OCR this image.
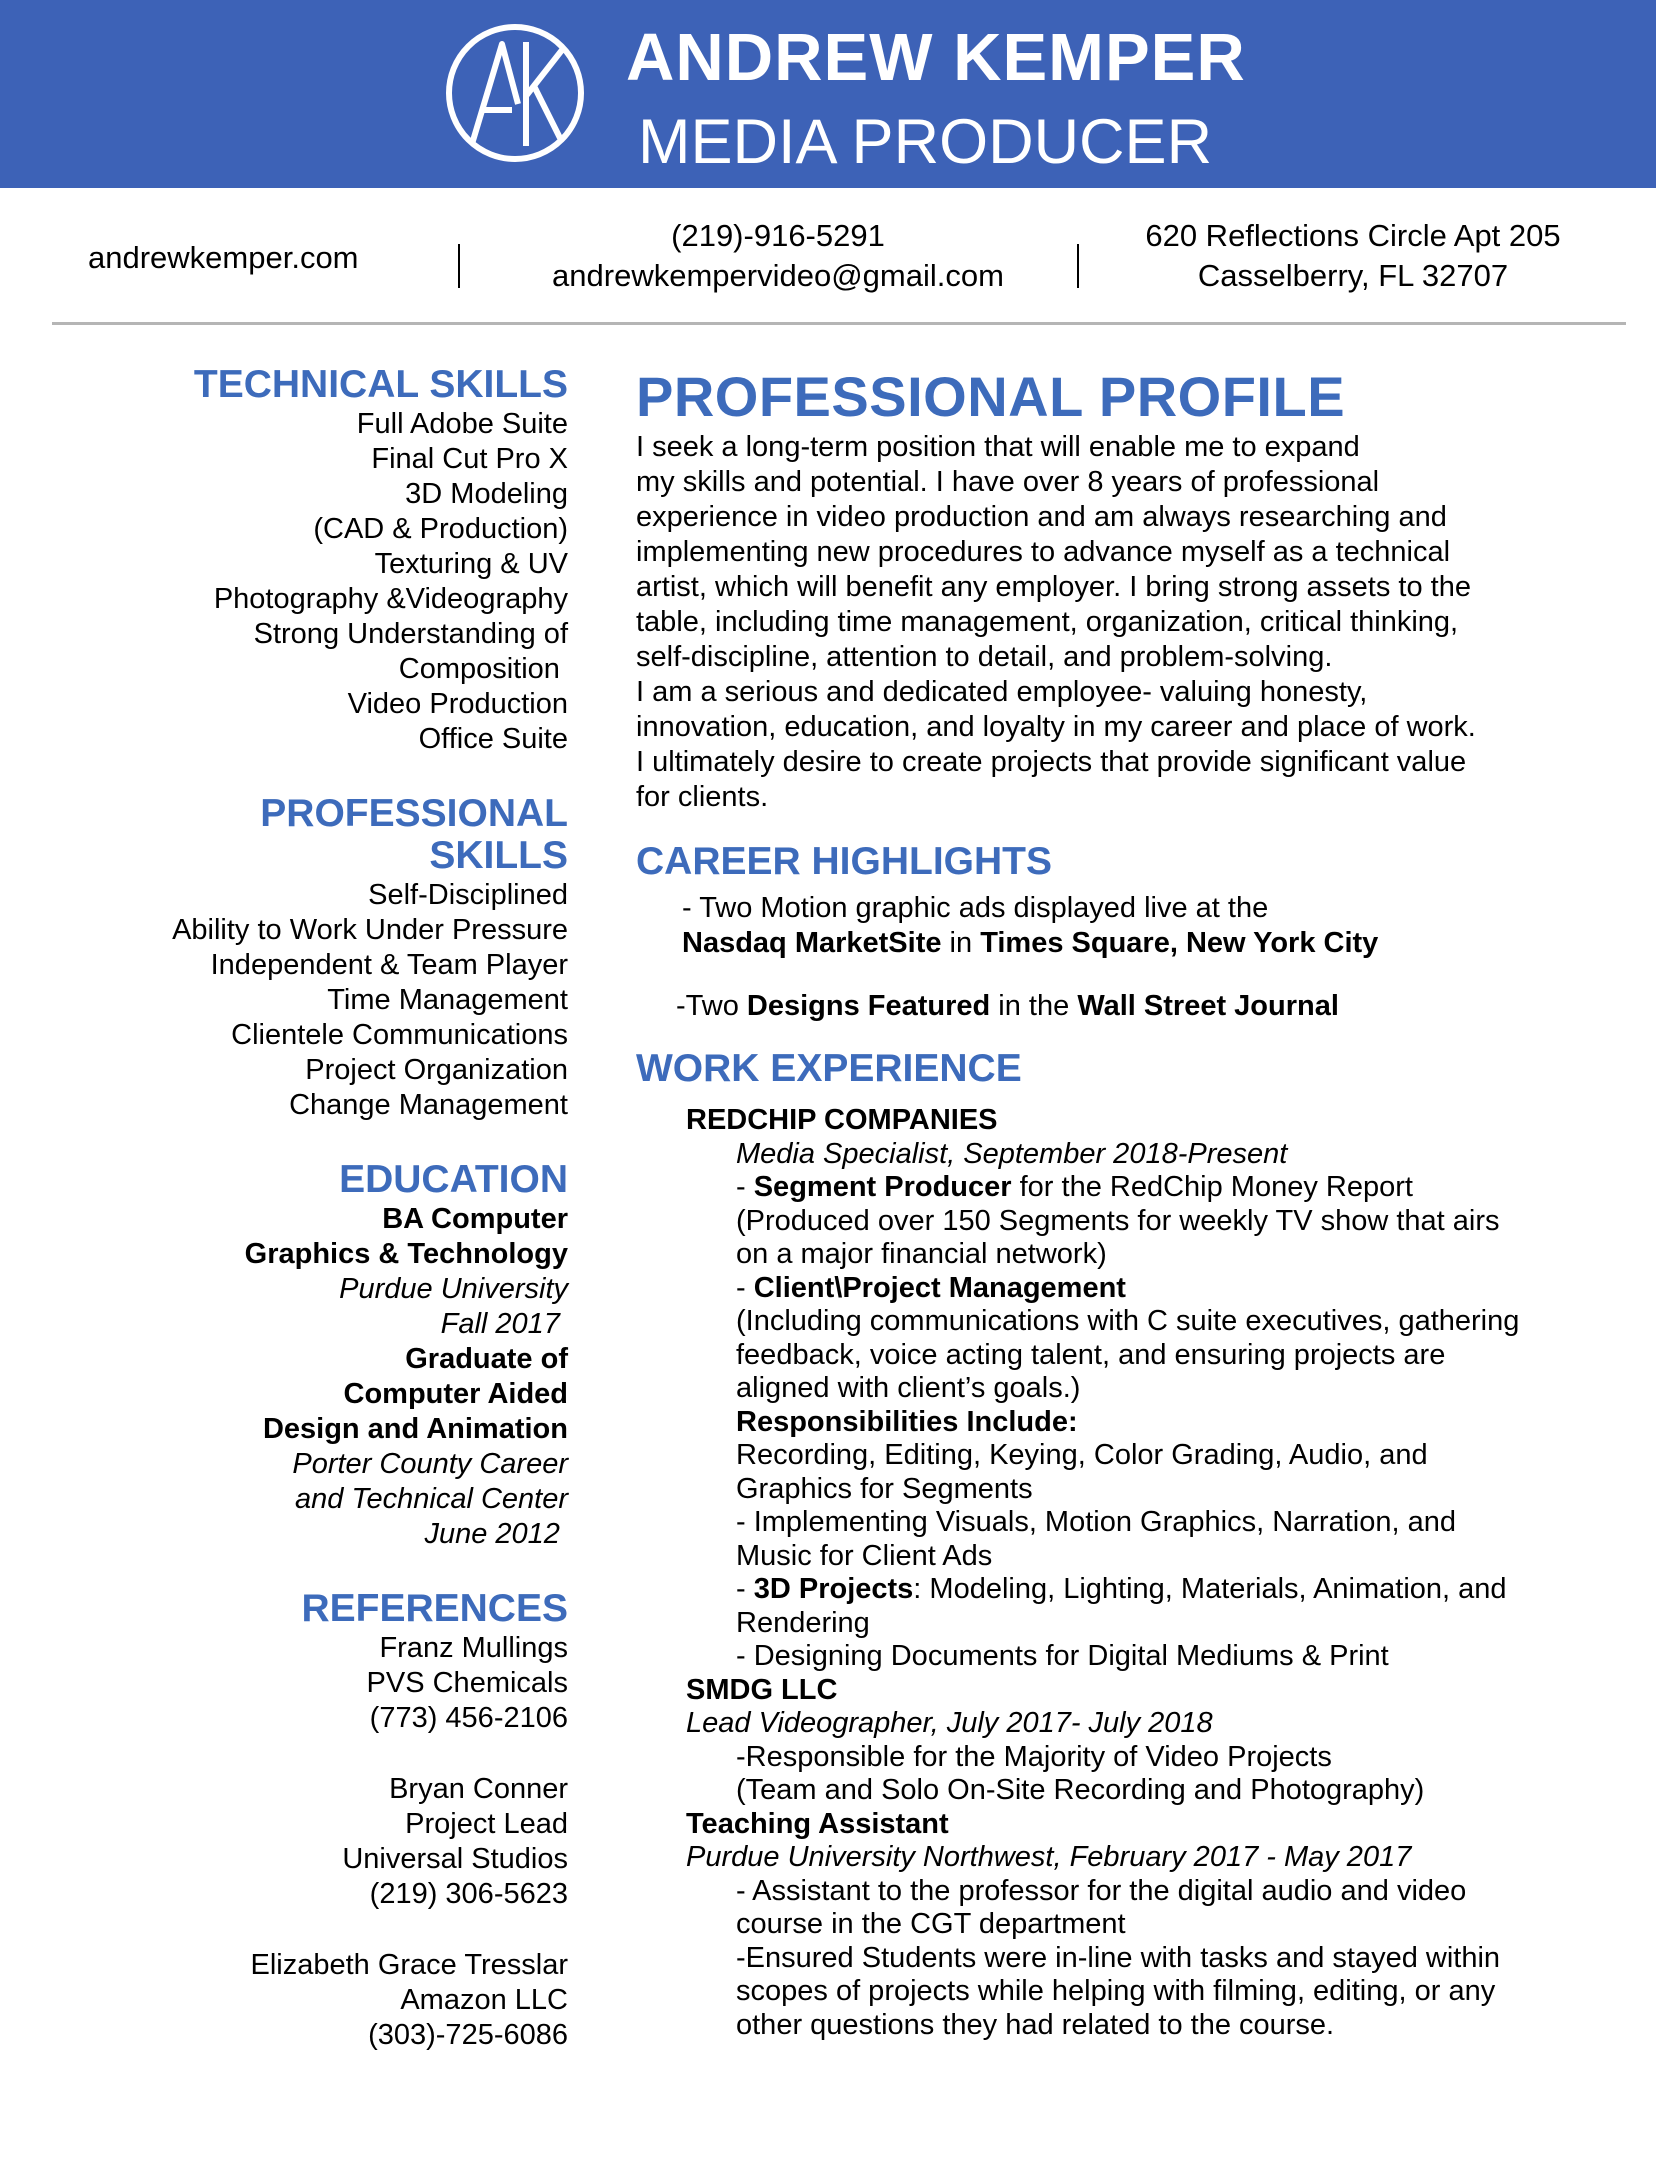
AK
ANDREW KEMPER
MEDIA PRODUCER
andrewkemper.com
(219)-916-5291
andrewkempervideo@gmail.com
620 Reflections Circle Apt 205
Casselberry, FL 32707
TECHNICAL SKILLS
Full Adobe Suite
Final Cut Pro X
3D Modeling
(CAD & Production)
Texturing & UV
Photography &Videography
Strong Understanding of
Composition
Video Production
Office Suite
PROFESSIONAL
SKILLS
Self-Disciplined
Ability to Work Under Pressure
Independent & Team Player
Time Management
Clientele Communications
Project Organization
Change Management
EDUCATION
BA Computer
Graphics & Technology
Purdue University
Fall 2017
Graduate of
Computer Aided
Design and Animation
Porter County Career
and Technical Center
June 2012
REFERENCES
Franz Mullings
PVS Chemicals
(773) 456-2106
Bryan Conner
Project Lead
Universal Studios
(219) 306-5623
Elizabeth Grace Tresslar
Amazon LLC
(303)-725-6086
PROFESSIONAL PROFILE
I seek a long-term position that will enable me to expand
my skills and potential. I have over 8 years of professional
experience in video production and am always researching and
implementing new procedures to advance myself as a technical
artist, which will benefit any employer. I bring strong assets to the
table, including time management, organization, critical thinking,
self-discipline, attention to detail, and problem-solving.
I am a serious and dedicated employee- valuing honesty,
innovation, education, and loyalty in my career and place of work.
I ultimately desire to create projects that provide significant value
for clients.
CAREER HIGHLIGHTS
- Two Motion graphic ads displayed live at the
Nasdaq MarketSite in Times Square, New York City
-Two Designs Featured in the Wall Street Journal
WORK EXPERIENCE
REDCHIP COMPANIES
Media Specialist, September 2018-Present
- Segment Producer for the RedChip Money Report
(Produced over 150 Segments for weekly TV show that airs
on a major financial network)
- Client\Project Management
(Including communications with C suite executives, gathering
feedback, voice acting talent, and ensuring projects are
aligned with client’s goals.)
Responsibilities Include:
Recording, Editing, Keying, Color Grading, Audio, and
Graphics for Segments
- Implementing Visuals, Motion Graphics, Narration, and
Music for Client Ads
- 3D Projects: Modeling, Lighting, Materials, Animation, and
Rendering
- Designing Documents for Digital Mediums & Print
SMDG LLC
Lead Videographer, July 2017- July 2018
-Responsible for the Majority of Video Projects
(Team and Solo On-Site Recording and Photography)
Teaching Assistant
Purdue University Northwest, February 2017 - May 2017
- Assistant to the professor for the digital audio and video
course in the CGT department
-Ensured Students were in-line with tasks and stayed within
scopes of projects while helping with filming, editing, or any
other questions they had related to the course.
